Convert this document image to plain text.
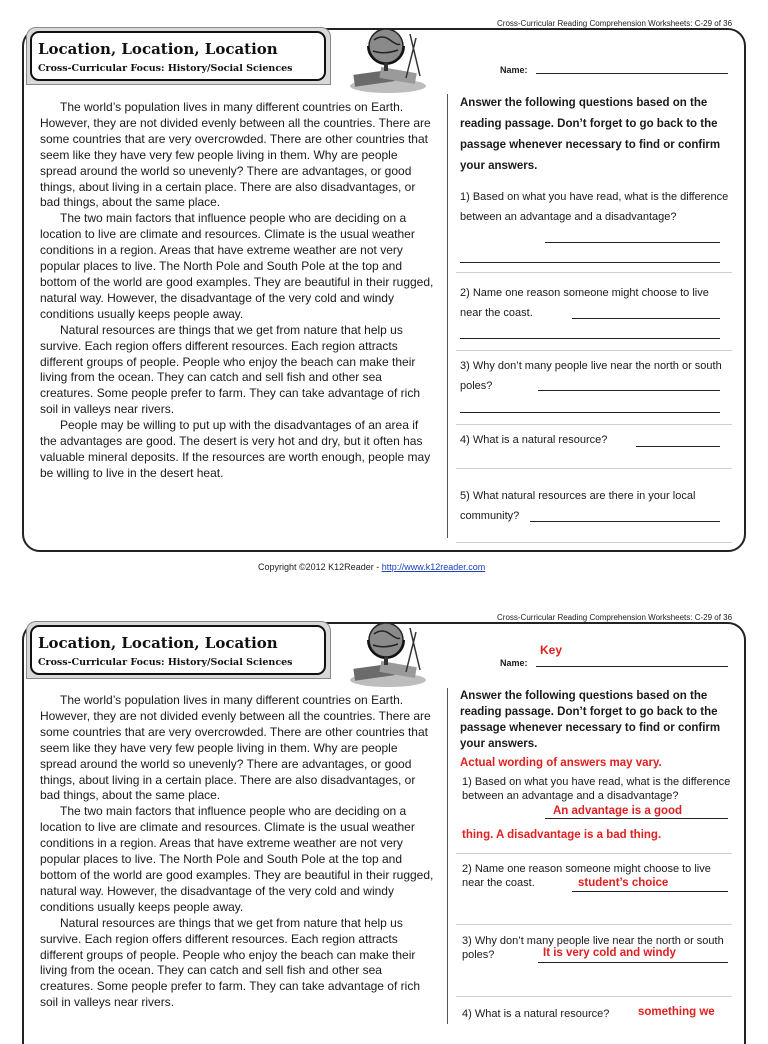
Cross-Curricular Reading Comprehension Worksheets: C-29 of 36
Location, Location, Location
Cross-Curricular Focus: History/Social Sciences	Name:

The world’s population lives in many different countries on Earth. However, they are not divided evenly between all the countries. There are some countries that are very overcrowded. There are other countries that seem like they have very few people living in them. Why are people spread around the world so unevenly? There are advantages, or good things, about living in a certain place. There are also disadvantages, or bad things, about the same place.

The two main factors that influence people who are deciding on a location to live are climate and resources. Climate is the usual weather conditions in a region. Areas that have extreme weather are not very popular places to live. The North Pole and South Pole at the top and bottom of the world are good examples. They are beautiful in their rugged, natural way. However, the disadvantage of the very cold and windy conditions usually keeps people away.

Natural resources are things that we get from nature that help us survive. Each region offers different resources. Each region attracts different groups of people. People who enjoy the beach can make their living from the ocean. They can catch and sell fish and other sea creatures. Some people prefer to farm. They can take advantage of rich soil in valleys near rivers.

People may be willing to put up with the disadvantages of an area if the advantages are good. The desert is very hot and dry, but it often has valuable mineral deposits. If the resources are worth enough, people may be willing to live in the desert heat.

Answer the following questions based on the reading passage. Don’t forget to go back to the passage whenever necessary to find or confirm your answers.
1) Based on what you have read, what is the difference between an advantage and a disadvantage?
2) Name one reason someone might choose to live near the coast.
3) Why don’t many people live near the north or south poles?
4) What is a natural resource?
5) What natural resources are there in your local community?
Copyright ©2012 K12Reader - http://www.k12reader.com
Cross-Curricular Reading Comprehension Worksheets: C-29 of 36
Location, Location, Location
Cross-Curricular Focus: History/Social Sciences
Key
Name:

The world’s population lives in many different countries on Earth. However, they are not divided evenly between all the countries. There are some countries that are very overcrowded. There are other countries that seem like they have very few people living in them. Why are people spread around the world so unevenly? There are advantages, or good things, about living in a certain place. There are also disadvantages, or bad things, about the same place.

The two main factors that influence people who are deciding on a location to live are climate and resources. Climate is the usual weather conditions in a region. Areas that have extreme weather are not very popular places to live. The North Pole and South Pole at the top and bottom of the world are good examples. They are beautiful in their rugged, natural way. However, the disadvantage of the very cold and windy conditions usually keeps people away.

Natural resources are things that we get from nature that help us survive. Each region offers different resources. Each region attracts different groups of people. People who enjoy the beach can make their living from the ocean. They can catch and sell fish and other sea creatures. Some people prefer to farm. They can take advantage of rich soil in valleys near rivers.

Answer the following questions based on the reading passage. Don’t forget to go back to the passage whenever necessary to find or confirm your answers.
Actual wording of answers may vary.
1) Based on what you have read, what is the difference between an advantage and a disadvantage?
An advantage is a good
thing. A disadvantage is a bad thing.
2) Name one reason someone might choose to live near the coast.	student’s choice
3) Why don’t many people live near the north or south poles?	It is very cold and windy
4) What is a natural resource?	something we
